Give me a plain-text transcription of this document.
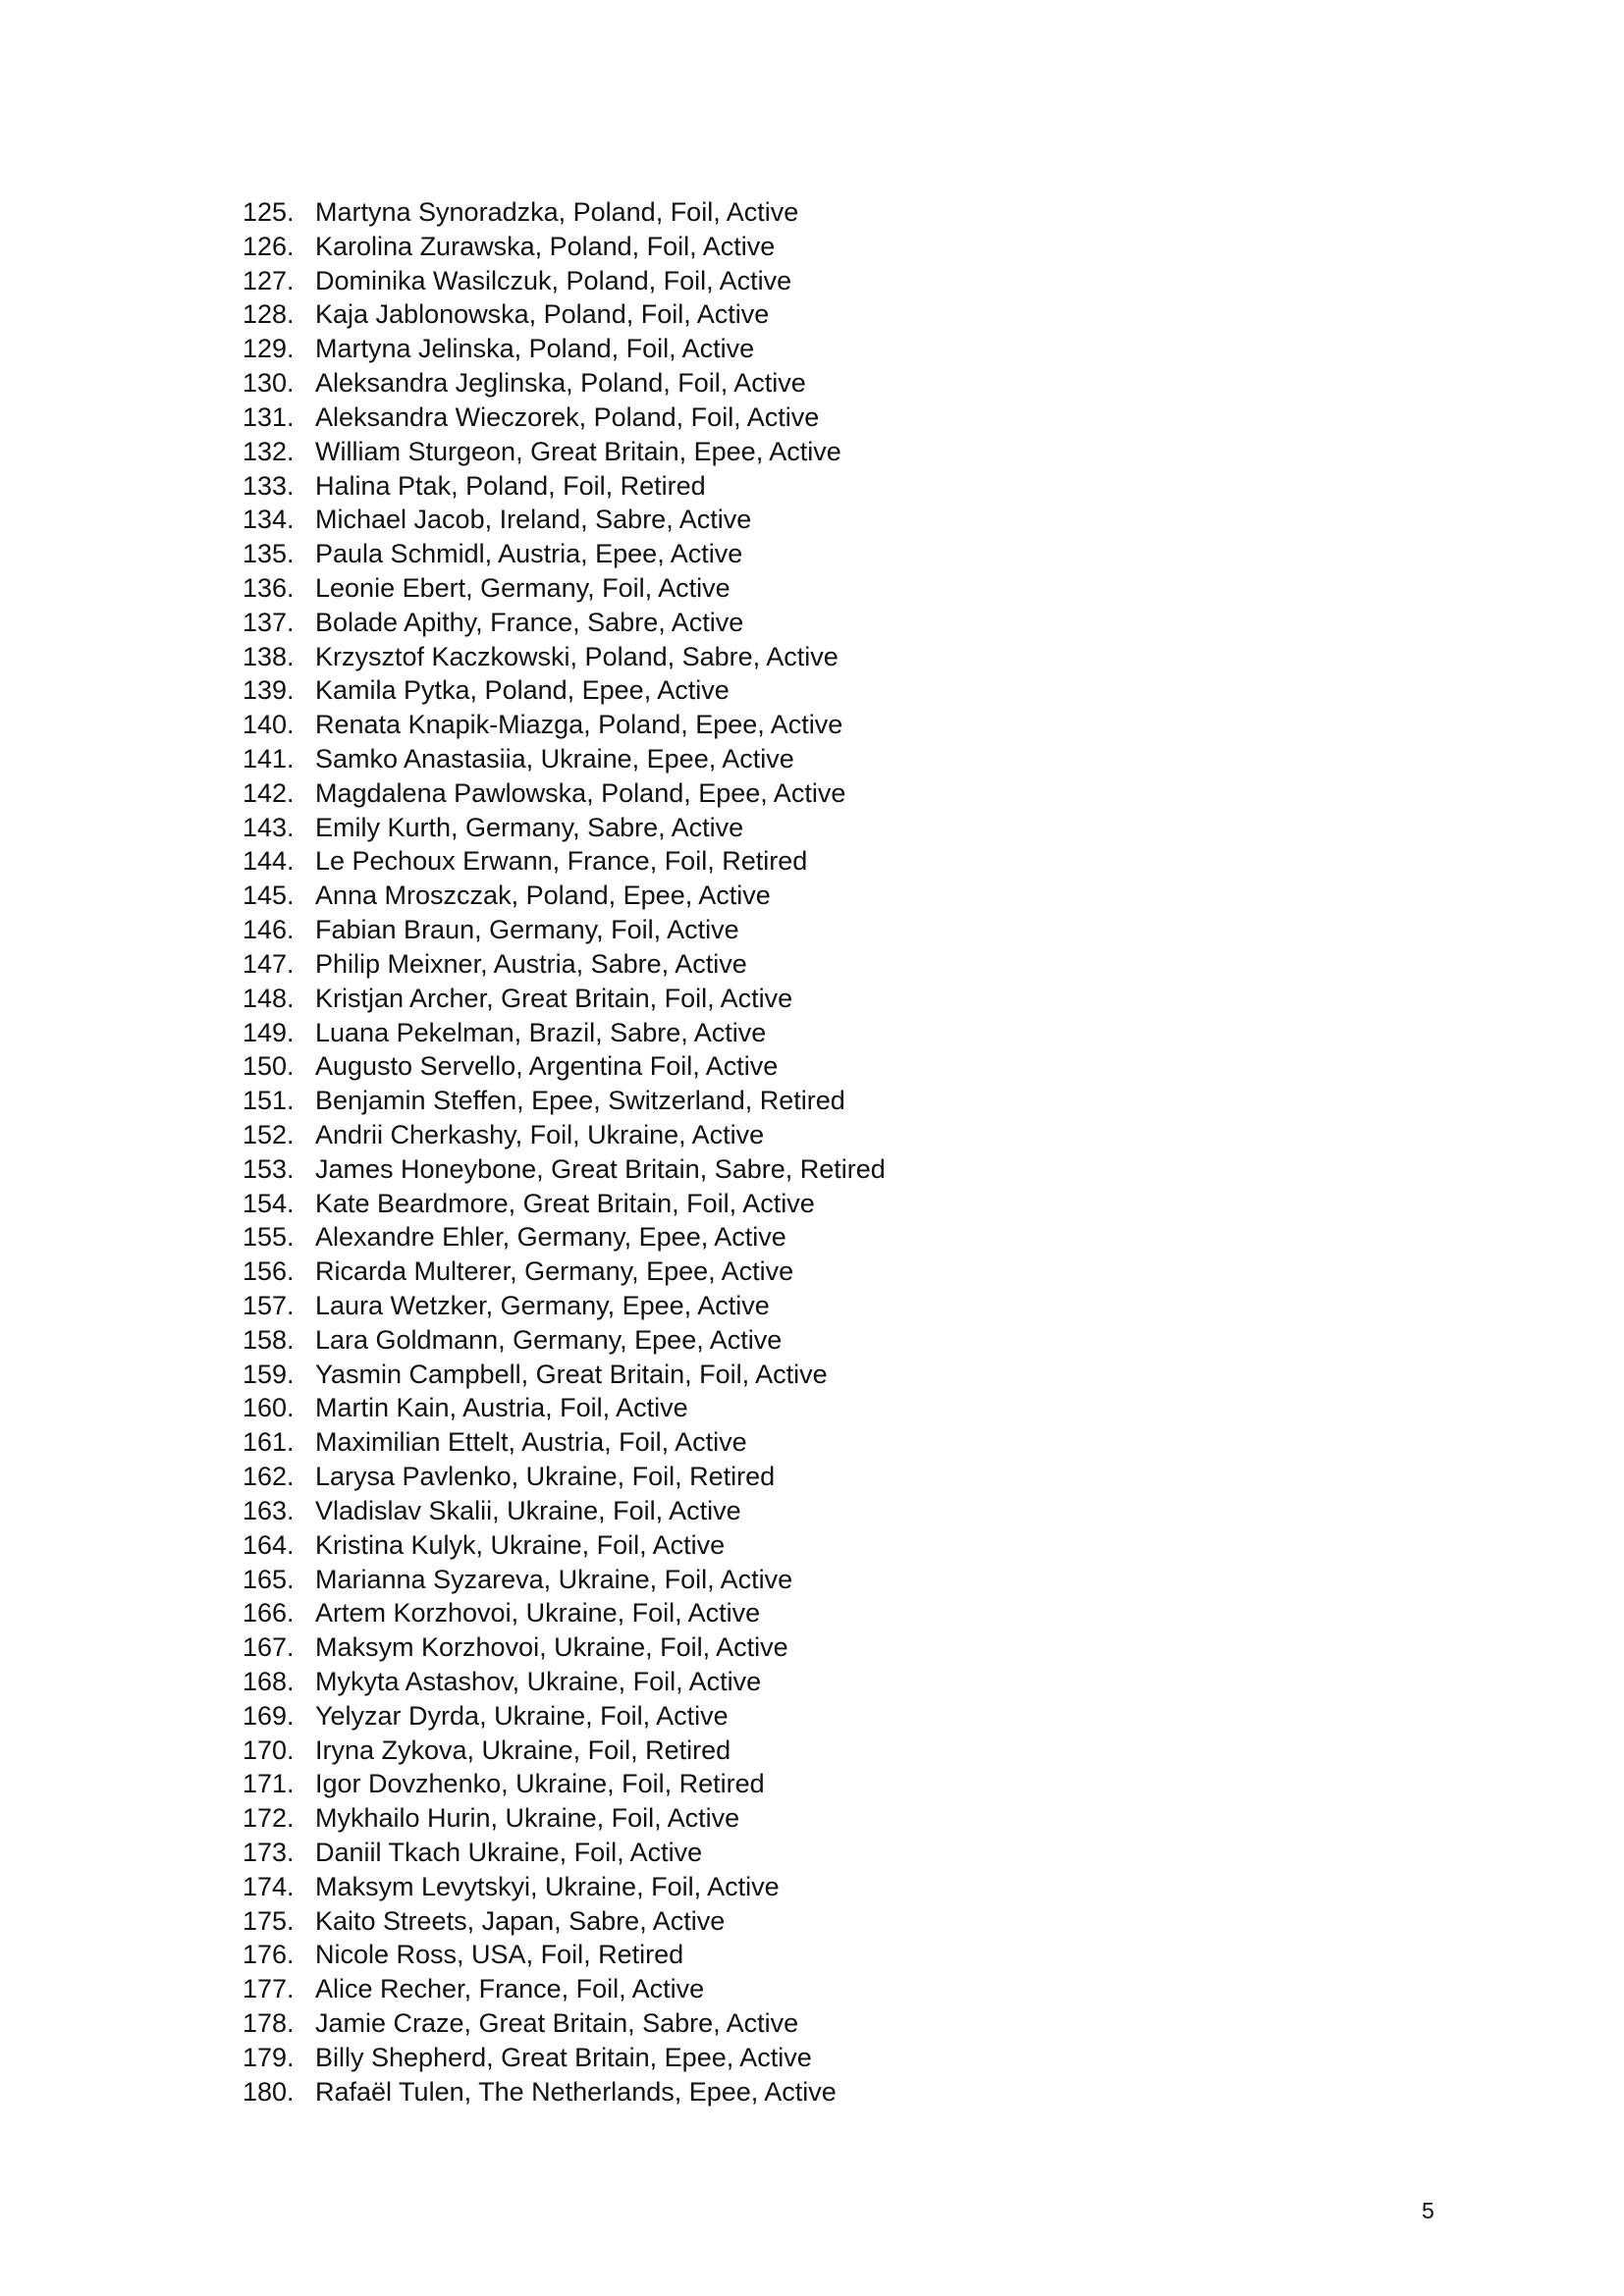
125. Martyna Synoradzka, Poland, Foil, Active
126. Karolina Zurawska, Poland, Foil, Active
127. Dominika Wasilczuk, Poland, Foil, Active
128. Kaja Jablonowska, Poland, Foil, Active
129. Martyna Jelinska, Poland, Foil, Active
130. Aleksandra Jeglinska, Poland, Foil, Active
131. Aleksandra Wieczorek, Poland, Foil, Active
132. William Sturgeon, Great Britain, Epee, Active
133. Halina Ptak, Poland, Foil, Retired
134. Michael Jacob, Ireland, Sabre, Active
135. Paula Schmidl, Austria, Epee, Active
136. Leonie Ebert, Germany, Foil, Active
137. Bolade Apithy, France, Sabre, Active
138. Krzysztof Kaczkowski, Poland, Sabre, Active
139. Kamila Pytka, Poland, Epee, Active
140. Renata Knapik-Miazga, Poland, Epee, Active
141. Samko Anastasiia, Ukraine, Epee, Active
142. Magdalena Pawlowska, Poland, Epee, Active
143. Emily Kurth, Germany, Sabre, Active
144. Le Pechoux Erwann, France, Foil, Retired
145. Anna Mroszczak, Poland, Epee, Active
146. Fabian Braun, Germany, Foil, Active
147. Philip Meixner, Austria, Sabre, Active
148. Kristjan Archer, Great Britain, Foil, Active
149. Luana Pekelman, Brazil, Sabre, Active
150. Augusto Servello, Argentina Foil, Active
151. Benjamin Steffen, Epee, Switzerland, Retired
152. Andrii Cherkashy, Foil, Ukraine, Active
153. James Honeybone, Great Britain, Sabre, Retired
154. Kate Beardmore, Great Britain, Foil, Active
155. Alexandre Ehler, Germany, Epee, Active
156. Ricarda Multerer, Germany, Epee, Active
157. Laura Wetzker, Germany, Epee, Active
158. Lara Goldmann, Germany, Epee, Active
159. Yasmin Campbell, Great Britain, Foil, Active
160. Martin Kain, Austria, Foil, Active
161. Maximilian Ettelt, Austria, Foil, Active
162. Larysa Pavlenko, Ukraine, Foil, Retired
163. Vladislav Skalii, Ukraine, Foil, Active
164. Kristina Kulyk, Ukraine, Foil, Active
165. Marianna Syzareva, Ukraine, Foil, Active
166. Artem Korzhovoi, Ukraine, Foil, Active
167. Maksym Korzhovoi, Ukraine, Foil, Active
168. Mykyta Astashov, Ukraine, Foil, Active
169. Yelyzar Dyrda, Ukraine, Foil, Active
170. Iryna Zykova, Ukraine, Foil, Retired
171. Igor Dovzhenko, Ukraine, Foil, Retired
172. Mykhailo Hurin, Ukraine, Foil, Active
173. Daniil Tkach Ukraine, Foil, Active
174. Maksym Levytskyi, Ukraine, Foil, Active
175. Kaito Streets, Japan, Sabre, Active
176. Nicole Ross, USA, Foil, Retired
177. Alice Recher, France, Foil, Active
178. Jamie Craze, Great Britain, Sabre, Active
179. Billy Shepherd, Great Britain, Epee, Active
180. Rafaël Tulen, The Netherlands, Epee, Active
5
